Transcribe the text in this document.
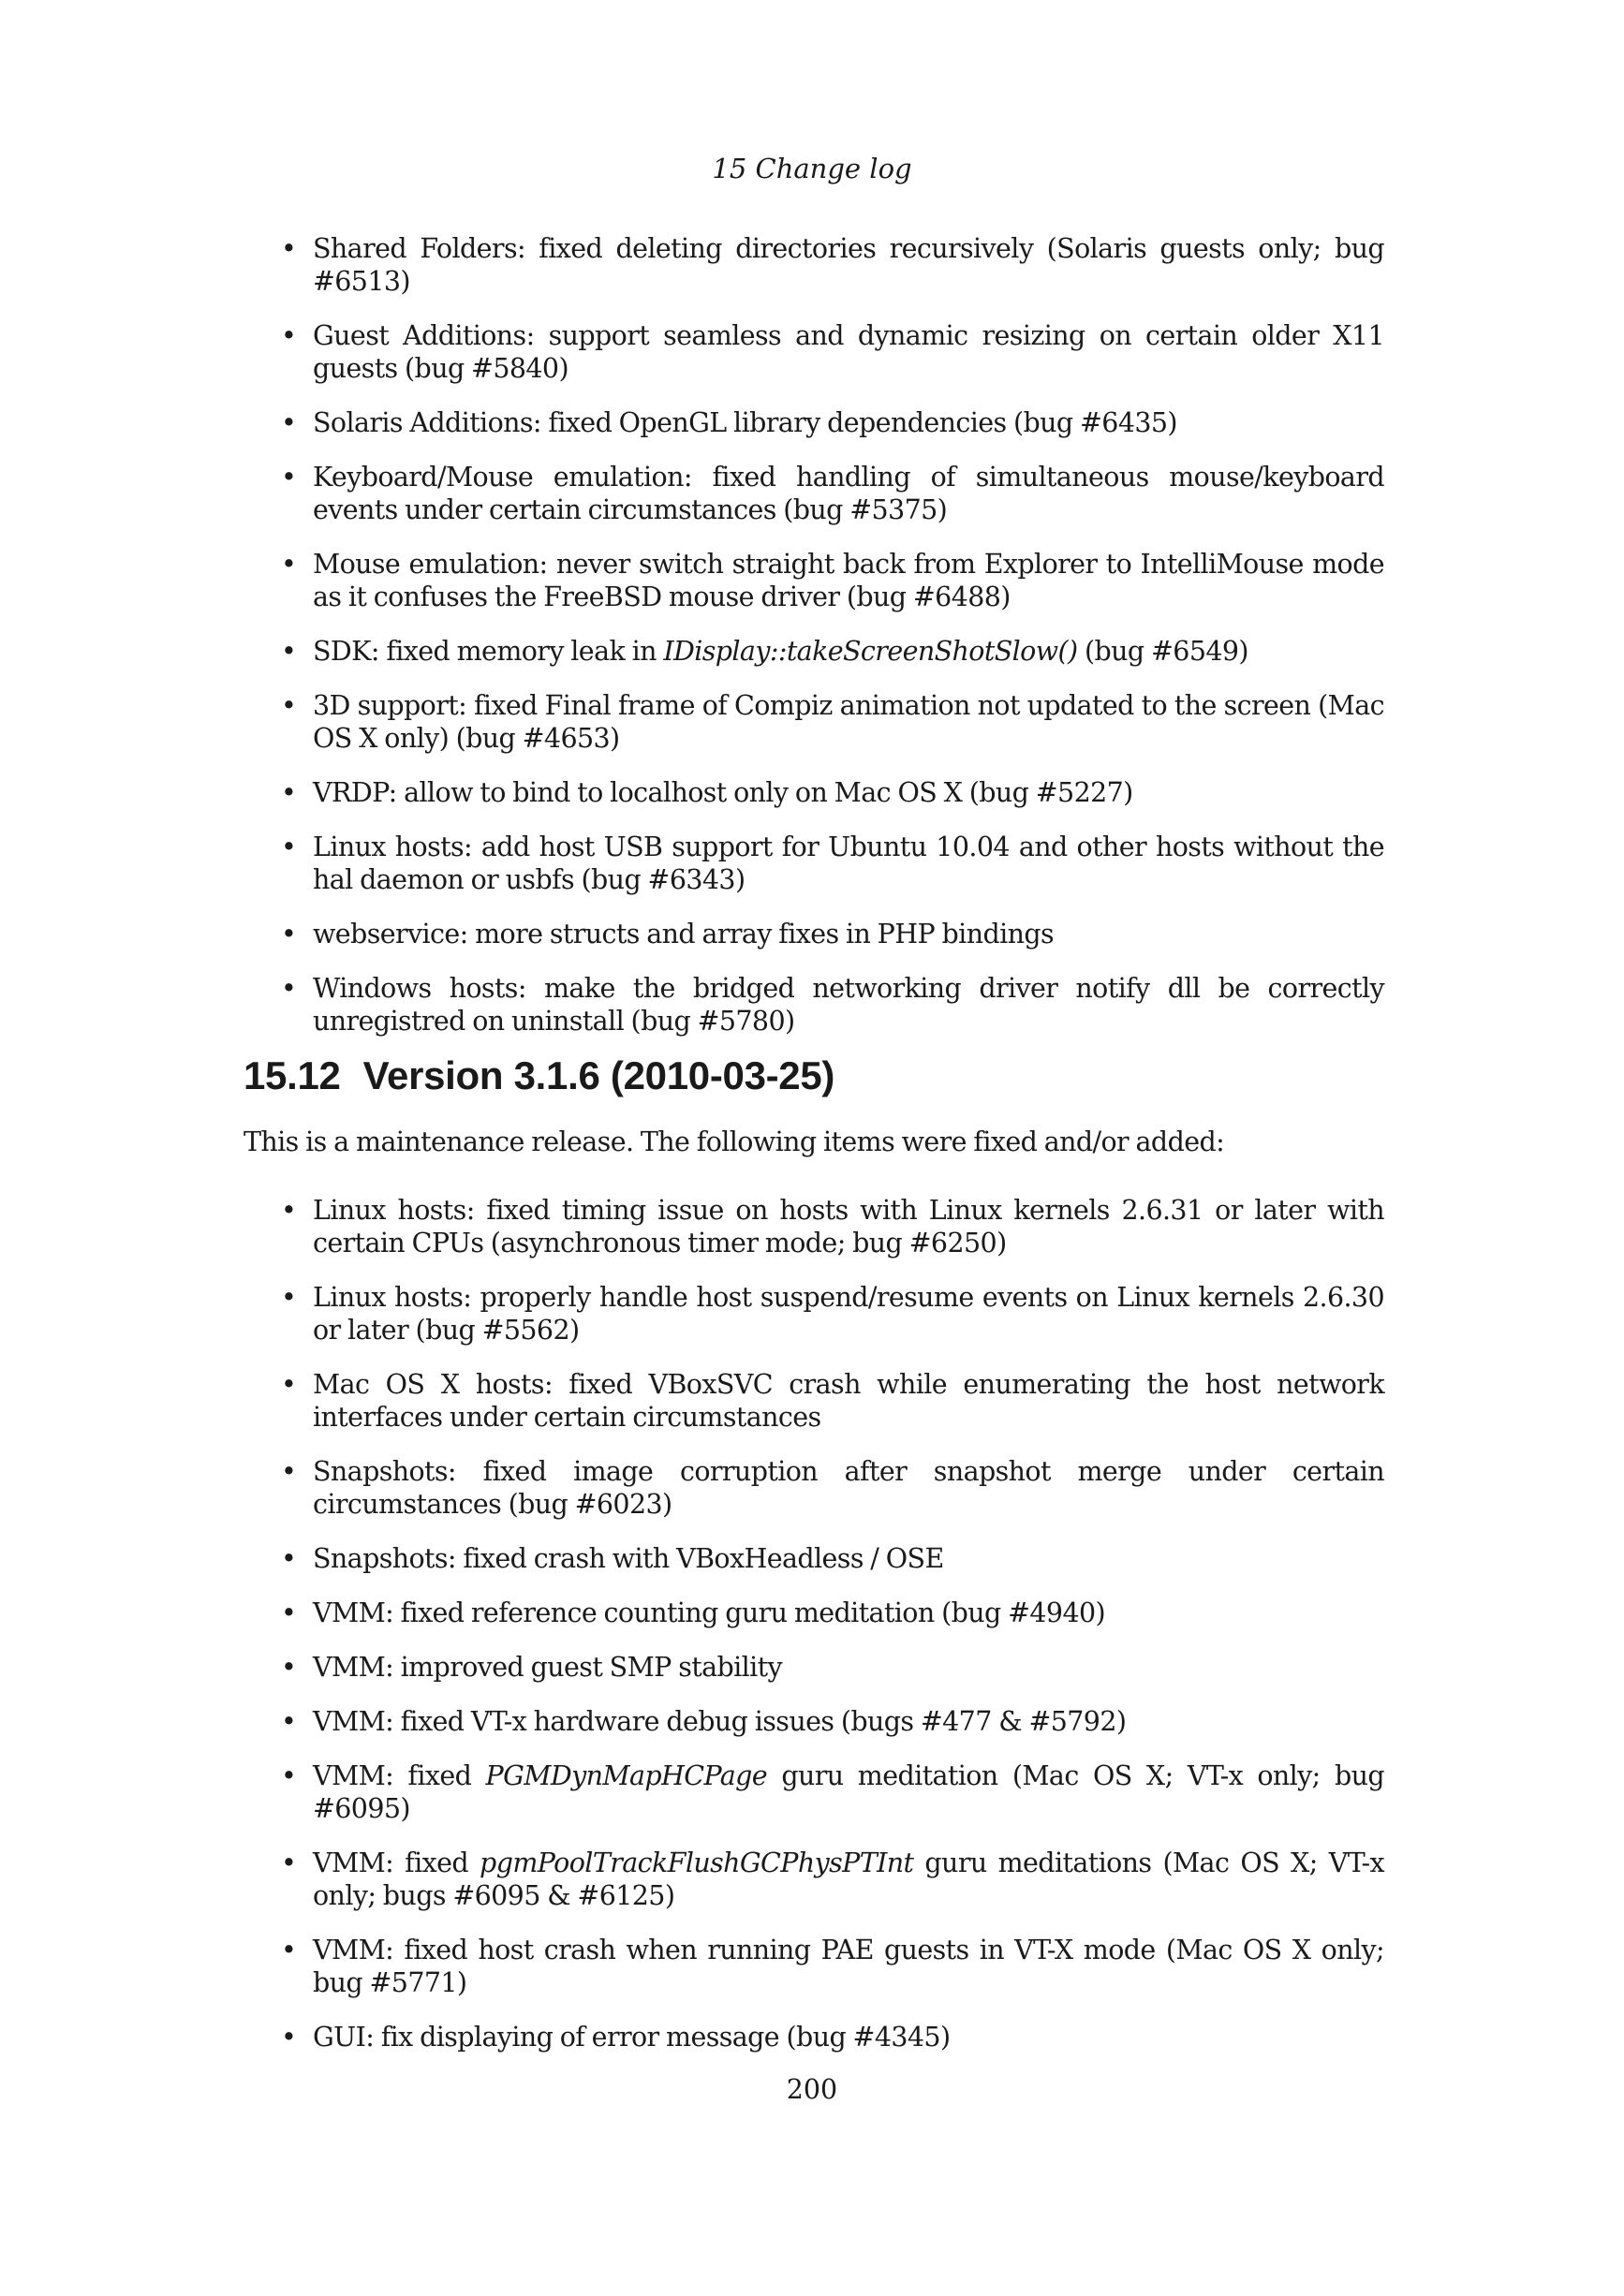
15 Change log
• Shared Folders: fixed deleting directories recursively (Solaris guests only; bug #6513)
• Guest Additions: support seamless and dynamic resizing on certain older X11 guests (bug #5840)
• Solaris Additions: fixed OpenGL library dependencies (bug #6435)
• Keyboard/Mouse emulation: fixed handling of simultaneous mouse/keyboard events under certain circumstances (bug #5375)
• Mouse emulation: never switch straight back from Explorer to IntelliMouse mode as it confuses the FreeBSD mouse driver (bug #6488)
• SDK: fixed memory leak in IDisplay::takeScreenShotSlow() (bug #6549)
• 3D support: fixed Final frame of Compiz animation not updated to the screen (Mac OS X only) (bug #4653)
• VRDP: allow to bind to localhost only on Mac OS X (bug #5227)
• Linux hosts: add host USB support for Ubuntu 10.04 and other hosts without the hal daemon or usbfs (bug #6343)
• webservice: more structs and array fixes in PHP bindings
• Windows hosts: make the bridged networking driver notify dll be correctly unregistred on uninstall (bug #5780)
15.12 Version 3.1.6 (2010-03-25)

This is a maintenance release. The following items were fixed and/or added:

• Linux hosts: fixed timing issue on hosts with Linux kernels 2.6.31 or later with certain CPUs (asynchronous timer mode; bug #6250)
• Linux hosts: properly handle host suspend/resume events on Linux kernels 2.6.30 or later (bug #5562)
• Mac OS X hosts: fixed VBoxSVC crash while enumerating the host network interfaces under certain circumstances
• Snapshots: fixed image corruption after snapshot merge under certain circumstances (bug #6023)
• Snapshots: fixed crash with VBoxHeadless / OSE
• VMM: fixed reference counting guru meditation (bug #4940)
• VMM: improved guest SMP stability
• VMM: fixed VT-x hardware debug issues (bugs #477 & #5792)
• VMM: fixed PGMDynMapHCPage guru meditation (Mac OS X; VT-x only; bug #6095)
• VMM: fixed pgmPoolTrackFlushGCPhysPTInt guru meditations (Mac OS X; VT-x only; bugs #6095 & #6125)
• VMM: fixed host crash when running PAE guests in VT-X mode (Mac OS X only; bug #5771)
• GUI: fix displaying of error message (bug #4345)
200
